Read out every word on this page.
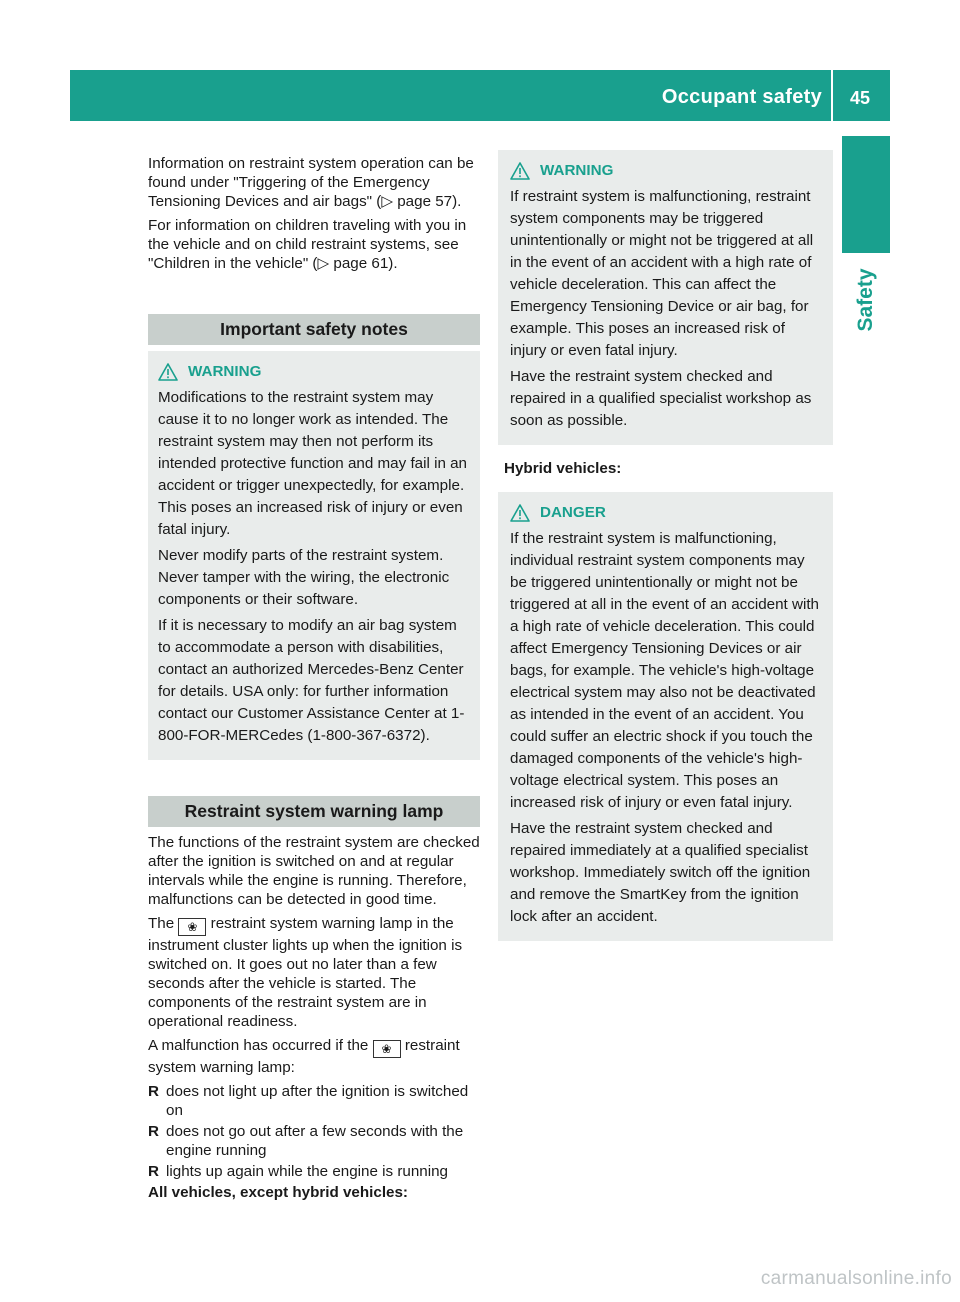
Occupant safety	45
Safety

Information on restraint system operation can be found under "Triggering of the Emergency Tensioning Devices and air bags" (▷ page 57).

For information on children traveling with you in the vehicle and on child restraint systems, see "Children in the vehicle" (▷ page 61).

Important safety notes
WARNING

Modifications to the restraint system may cause it to no longer work as intended. The restraint system may then not perform its intended protective function and may fail in an accident or trigger unexpectedly, for example. This poses an increased risk of injury or even fatal injury.

Never modify parts of the restraint system. Never tamper with the wiring, the electronic components or their software.

If it is necessary to modify an air bag system to accommodate a person with disabilities, contact an authorized Mercedes-Benz Center for details. USA only: for further information contact our Customer Assistance Center at 1-800-FOR-MERCedes (1-800-367-6372).

Restraint system warning lamp

The functions of the restraint system are checked after the ignition is switched on and at regular intervals while the engine is running. Therefore, malfunctions can be detected in good time.

The ❀ restraint system warning lamp in the instrument cluster lights up when the ignition is switched on. It goes out no later than a few seconds after the vehicle is started. The components of the restraint system are in operational readiness.

A malfunction has occurred if the ❀ restraint system warning lamp:

R does not light up after the ignition is switched on
R does not go out after a few seconds with the engine running
R lights up again while the engine is running

All vehicles, except hybrid vehicles:

WARNING

If restraint system is malfunctioning, restraint system components may be triggered unintentionally or might not be triggered at all in the event of an accident with a high rate of vehicle deceleration. This can affect the Emergency Tensioning Device or air bag, for example. This poses an increased risk of injury or even fatal injury.

Have the restraint system checked and repaired in a qualified specialist workshop as soon as possible.

Hybrid vehicles:

DANGER

If the restraint system is malfunctioning, individual restraint system components may be triggered unintentionally or might not be triggered at all in the event of an accident with a high rate of vehicle deceleration. This could affect Emergency Tensioning Devices or air bags, for example. The vehicle's high-voltage electrical system may also not be deactivated as intended in the event of an accident. You could suffer an electric shock if you touch the damaged components of the vehicle's high-voltage electrical system. This poses an increased risk of injury or even fatal injury.

Have the restraint system checked and repaired immediately at a qualified specialist workshop. Immediately switch off the ignition and remove the SmartKey from the ignition lock after an accident.

carmanualsonline.info
